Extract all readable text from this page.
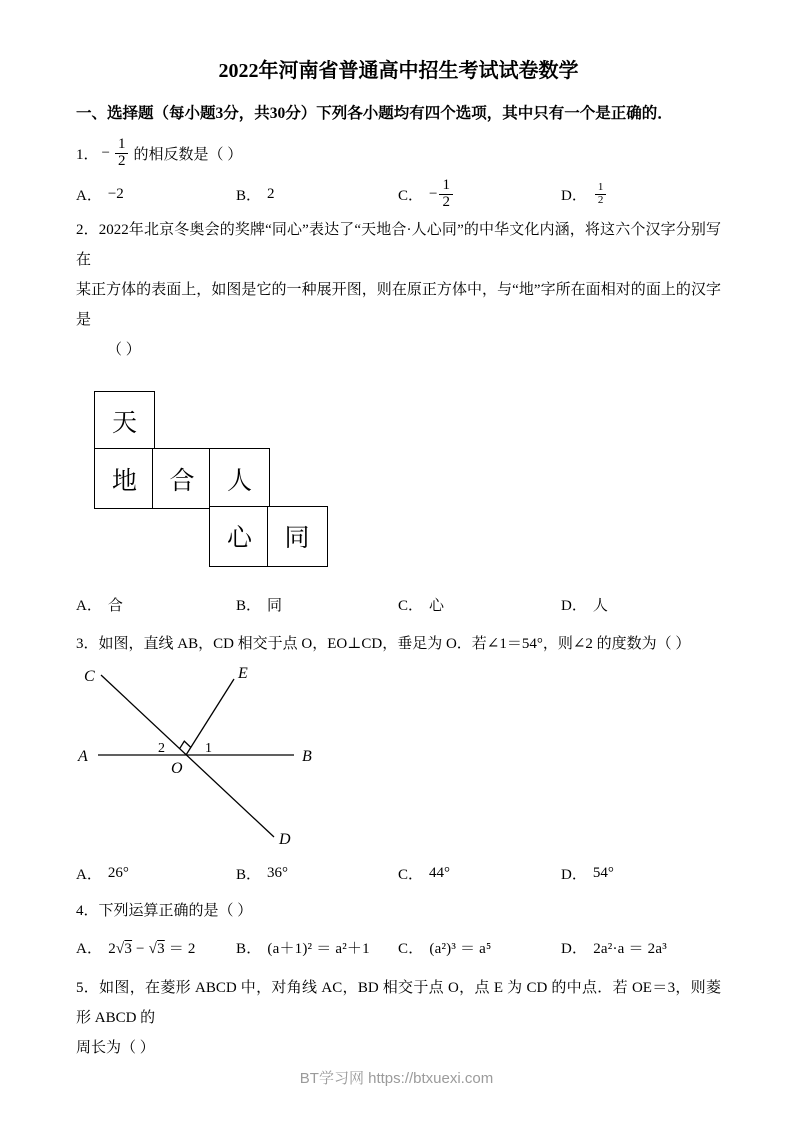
2022年河南省普通高中招生考试试卷数学
一、选择题（每小题3分，共30分）下列各小题均有四个选项，其中只有一个是正确的．
1． − $\frac{1}{2}$ 的相反数是（ ）
A． −2	B． 2	C． − $\frac{1}{2}$	D． $\frac{1}{2}$
2．2022年北京冬奥会的奖牌“同心”表达了“天地合·人心同”的中华文化内涵，将这六个汉字分别写在
某正方体的表面上，如图是它的一种展开图，则在原正方体中，与“地”字所在面相对的面上的汉字是
（ ）
天
地	合	人
心	同
A． 合	B． 同	C． 心	D． 人
3．如图，直线 AB，CD 相交于点 O，EO⊥CD，垂足为 O．若∠1＝54°，则∠2 的度数为（ ）
C	E
A	B
D
O
2	1
A． 26°	B． 36°	C． 44°	D． 54°
4．下列运算正确的是（ ）
A． 2√3 − √3 ＝ 2	B． (a＋1)² ＝ a²＋1 C． (a²)³ ＝ a⁵	D． 2a²·a ＝ 2a³
5．如图，在菱形 ABCD 中，对角线 AC，BD 相交于点 O，点 E 为 CD 的中点．若 OE＝3，则菱形 ABCD 的
周长为（ ）
BT学习网 https://btxuexi.com
